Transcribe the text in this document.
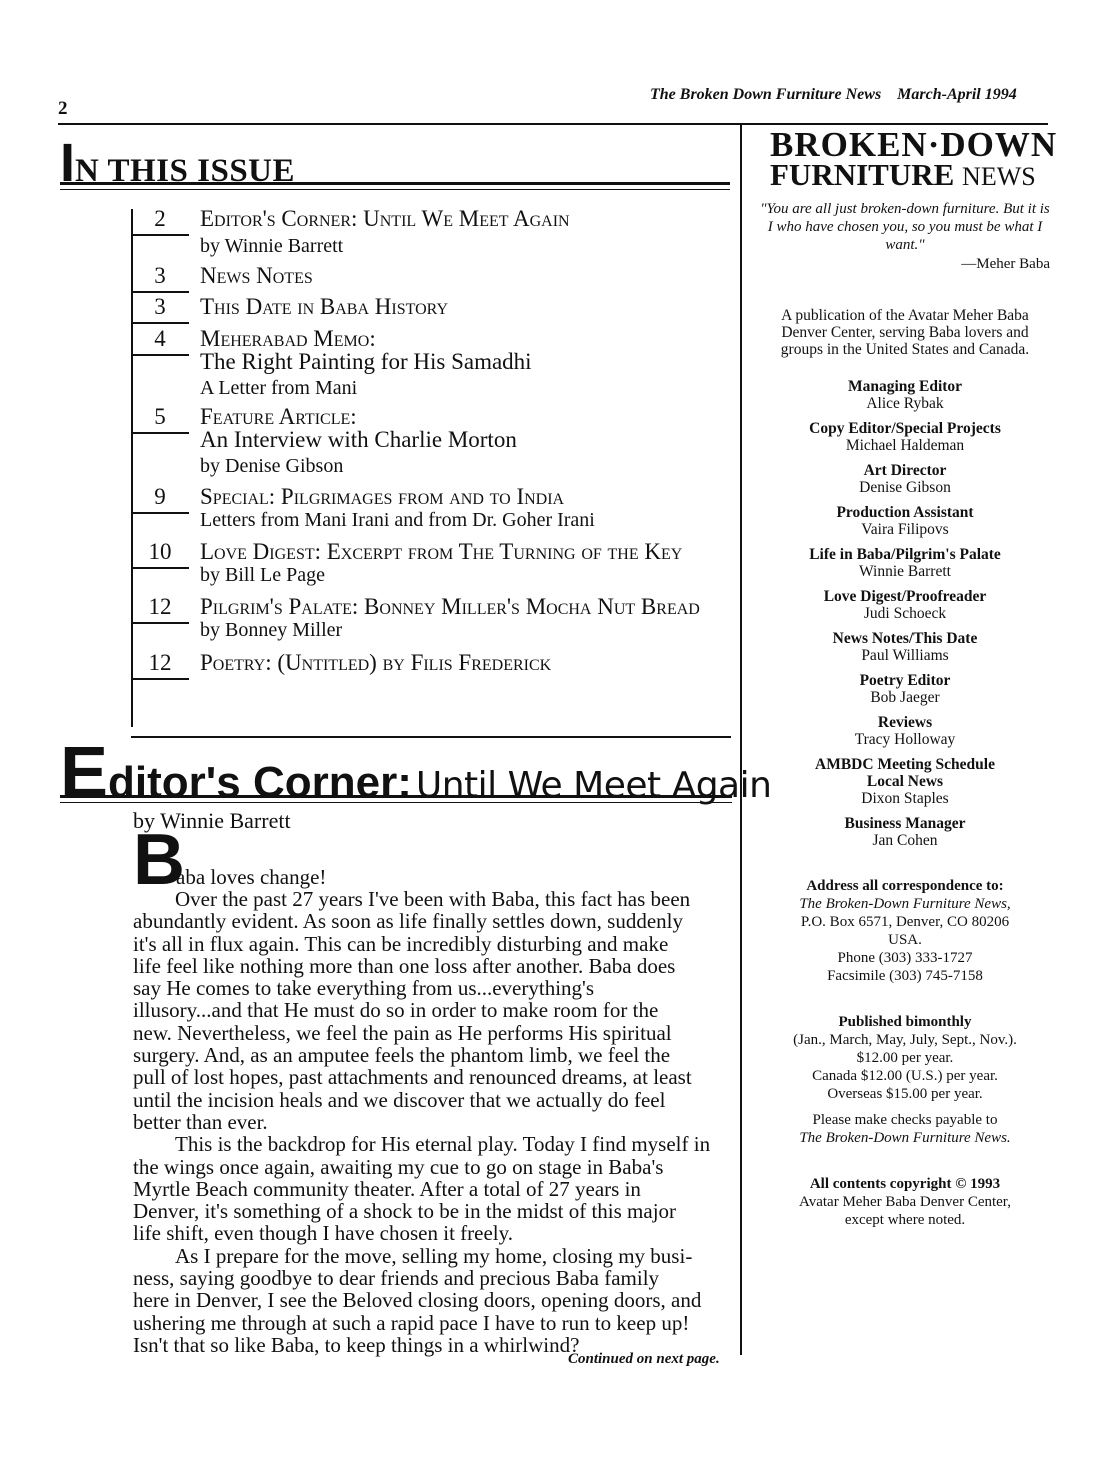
2
The Broken Down Furniture News March-April 1994
IN THIS ISSUE
2	Editor's Corner: Until We Meet Again
by Winnie Barrett
3	News Notes
3	This Date in Baba History
4	Meherabad Memo:
The Right Painting for His Samadhi
A Letter from Mani
5	Feature Article:
An Interview with Charlie Morton
by Denise Gibson
9	Special: Pilgrimages from and to India
Letters from Mani Irani and from Dr. Goher Irani
10	Love Digest: Excerpt from The Turning of the Key
by Bill Le Page
12	Pilgrim's Palate: Bonney Miller's Mocha Nut Bread
by Bonney Miller
12	Poetry: (Untitled) by Filis Frederick
Editor's Corner: Until We Meet Again
by Winnie Barrett
B
aba loves change!

Over the past 27 years I've been with Baba, this fact has been
abundantly evident. As soon as life finally settles down, suddenly
it's all in flux again. This can be incredibly disturbing and make
life feel like nothing more than one loss after another. Baba does
say He comes to take everything from us...everything's
illusory...and that He must do so in order to make room for the
new. Nevertheless, we feel the pain as He performs His spiritual
surgery. And, as an amputee feels the phantom limb, we feel the
pull of lost hopes, past attachments and renounced dreams, at least
until the incision heals and we discover that we actually do feel
better than ever.

This is the backdrop for His eternal play. Today I find myself in
the wings once again, awaiting my cue to go on stage in Baba's
Myrtle Beach community theater. After a total of 27 years in
Denver, it's something of a shock to be in the midst of this major
life shift, even though I have chosen it freely.

As I prepare for the move, selling my home, closing my busi-
ness, saying goodbye to dear friends and precious Baba family
here in Denver, I see the Beloved closing doors, opening doors, and
ushering me through at such a rapid pace I have to run to keep up!
Isn't that so like Baba, to keep things in a whirlwind?

Continued on next page.
BROKEN·DOWN
FURNITURE NEWS
"You are all just broken-down furniture. But it is I who have chosen you, so you must be what I want."
—Meher Baba
A publication of the Avatar Meher Baba Denver Center, serving Baba lovers and groups in the United States and Canada.
Managing Editor
Alice Rybak
Copy Editor/Special Projects
Michael Haldeman
Art Director
Denise Gibson
Production Assistant
Vaira Filipovs
Life in Baba/Pilgrim's Palate
Winnie Barrett
Love Digest/Proofreader
Judi Schoeck
News Notes/This Date
Paul Williams
Poetry Editor
Bob Jaeger
Reviews
Tracy Holloway
AMBDC Meeting Schedule
Local News
Dixon Staples
Business Manager
Jan Cohen
Address all correspondence to:
The Broken-Down Furniture News,
P.O. Box 6571, Denver, CO 80206
USA.
Phone (303) 333-1727
Facsimile (303) 745-7158
Published bimonthly
(Jan., March, May, July, Sept., Nov.).
$12.00 per year.
Canada $12.00 (U.S.) per year.
Overseas $15.00 per year.
Please make checks payable to
The Broken-Down Furniture News.
All contents copyright © 1993
Avatar Meher Baba Denver Center,
except where noted.
